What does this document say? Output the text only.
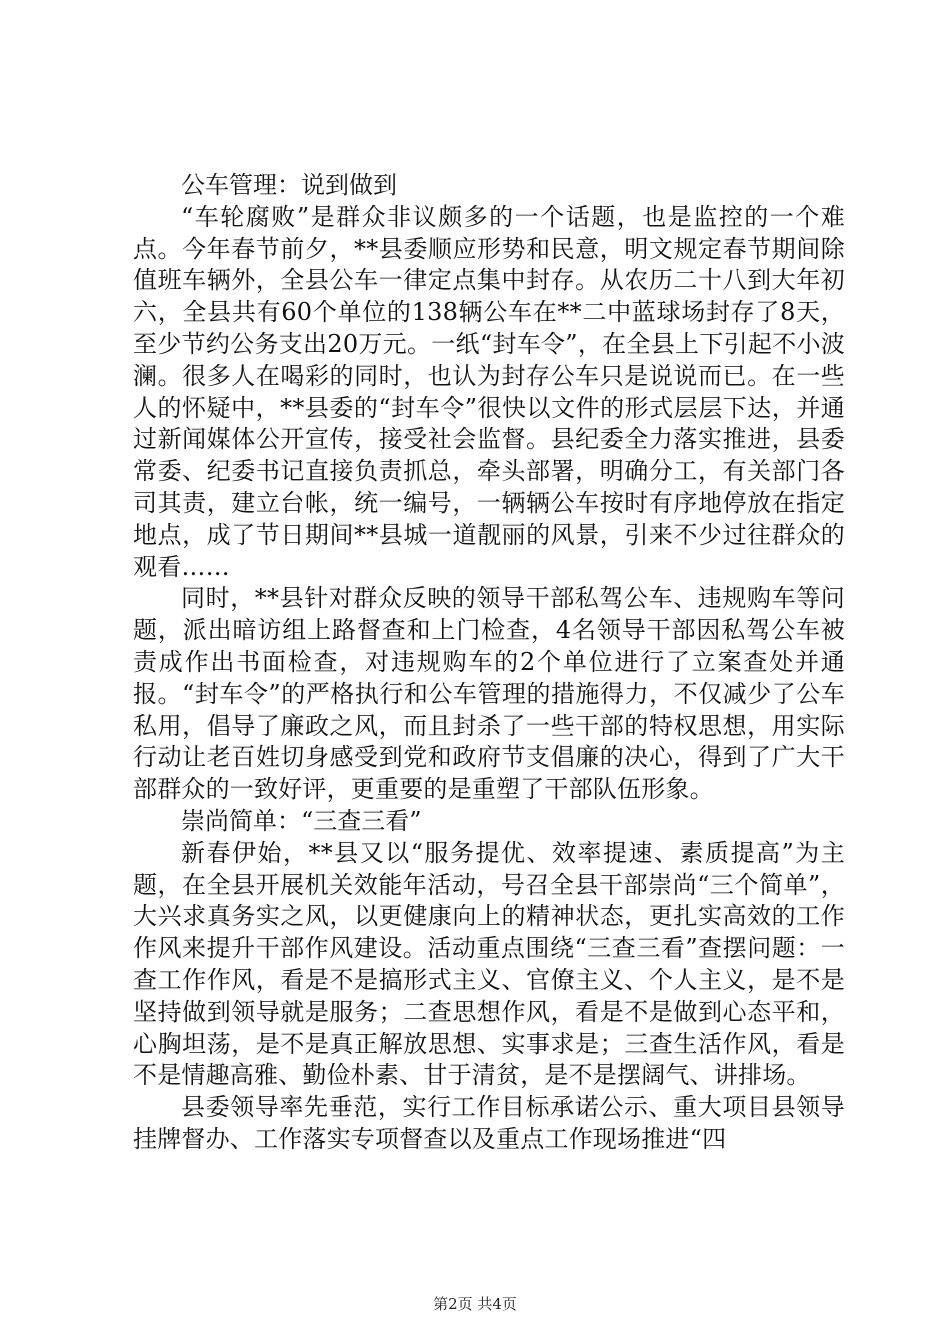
公车管理：说到做到

“车轮腐败”是群众非议颇多的一个话题，也是监控的一个难点。今年春节前夕，**县委顺应形势和民意，明文规定春节期间除值班车辆外，全县公车一律定点集中封存。从农历二十八到大年初六，全县共有60个单位的138辆公车在**二中蓝球场封存了8天，至少节约公务支出20万元。一纸“封车令”，在全县上下引起不小波澜。很多人在喝彩的同时，也认为封存公车只是说说而已。在一些人的怀疑中，**县委的“封车令”很快以文件的形式层层下达，并通过新闻媒体公开宣传，接受社会监督。县纪委全力落实推进，县委常委、纪委书记直接负责抓总，牵头部署，明确分工，有关部门各司其责，建立台帐，统一编号，一辆辆公车按时有序地停放在指定地点，成了节日期间**县城一道靓丽的风景，引来不少过往群众的观看……

同时，**县针对群众反映的领导干部私驾公车、违规购车等问题，派出暗访组上路督查和上门检查，4名领导干部因私驾公车被责成作出书面检查，对违规购车的2个单位进行了立案查处并通报。“封车令”的严格执行和公车管理的措施得力，不仅减少了公车私用，倡导了廉政之风，而且封杀了一些干部的特权思想，用实际行动让老百姓切身感受到党和政府节支倡廉的决心，得到了广大干部群众的一致好评，更重要的是重塑了干部队伍形象。

崇尚简单：“三查三看”

新春伊始，**县又以“服务提优、效率提速、素质提高”为主题，在全县开展机关效能年活动，号召全县干部崇尚“三个简单”，大兴求真务实之风，以更健康向上的精神状态，更扎实高效的工作作风来提升干部作风建设。活动重点围绕“三查三看”查摆问题：一查工作作风，看是不是搞形式主义、官僚主义、个人主义，是不是坚持做到领导就是服务；二查思想作风，看是不是做到心态平和，心胸坦荡，是不是真正解放思想、实事求是；三查生活作风，看是不是情趣高雅、勤俭朴素、甘于清贫，是不是摆阔气、讲排场。

县委领导率先垂范，实行工作目标承诺公示、重大项目县领导挂牌督办、工作落实专项督查以及重点工作现场推进“四

第2页 共4页
